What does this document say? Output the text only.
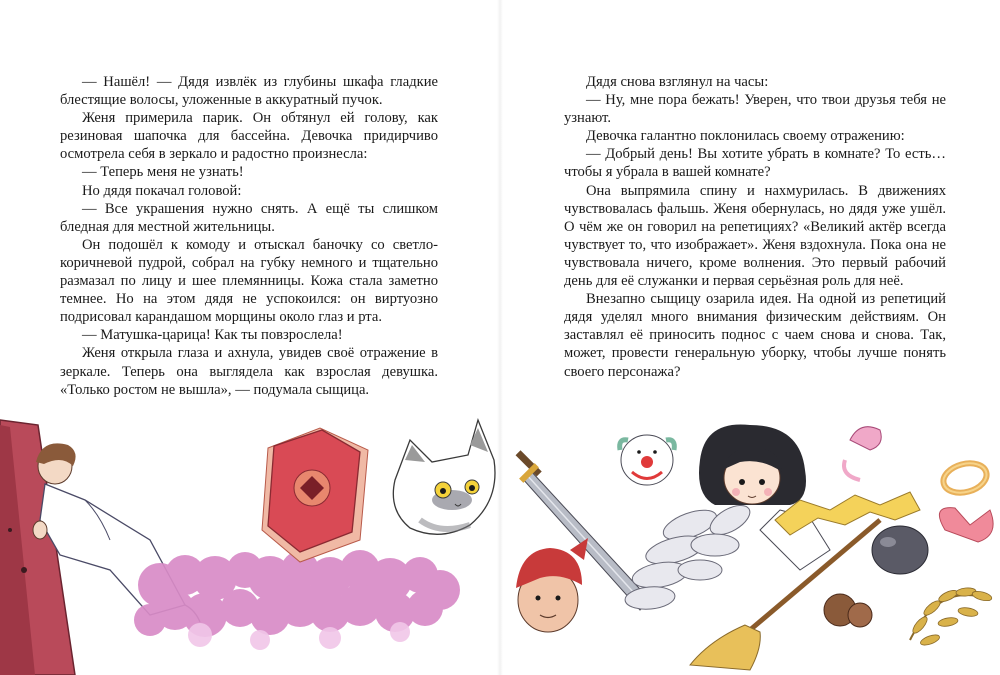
— Нашёл! — Дядя извлёк из глубины шкафа гладкие блестящие волосы, уложенные в аккуратный пучок.

Женя примерила парик. Он обтянул ей голову, как резиновая шапочка для бассейна. Девочка придирчиво осмотрела себя в зеркало и радостно произнесла:

— Теперь меня не узнать!

Но дядя покачал головой:

— Все украшения нужно снять. А ещё ты слишком бледная для местной жительницы.

Он подошёл к комоду и отыскал баночку со светло-коричневой пудрой, собрал на губку немного и тщательно размазал по лицу и шее племянницы. Кожа стала заметно темнее. Но на этом дядя не успокоился: он виртуозно подрисовал карандашом морщины около глаз и рта.

— Матушка-царица! Как ты повзрослела!

Женя открыла глаза и ахнула, увидев своё отражение в зеркале. Теперь она выглядела как взрослая девушка. «Только ростом не вышла», — подумала сыщица.

Дядя снова взглянул на часы:

— Ну, мне пора бежать! Уверен, что твои друзья тебя не узнают.

Девочка галантно поклонилась своему отражению:

— Добрый день! Вы хотите убрать в комнате? То есть… чтобы я убрала в вашей комнате?

Она выпрямила спину и нахмурилась. В движениях чувствовалась фальшь. Женя обернулась, но дядя уже ушёл. О чём же он говорил на репетициях? «Великий актёр всегда чувствует то, что изображает». Женя вздохнула. Пока она не чувствовала ничего, кроме волнения. Это первый рабочий день для её служанки и первая серьёзная роль для неё.

Внезапно сыщицу озарила идея. На одной из репетиций дядя уделял много внимания физическим действиям. Он заставлял её приносить поднос с чаем снова и снова. Так, может, провести генеральную уборку, чтобы лучше понять своего персонажа?
